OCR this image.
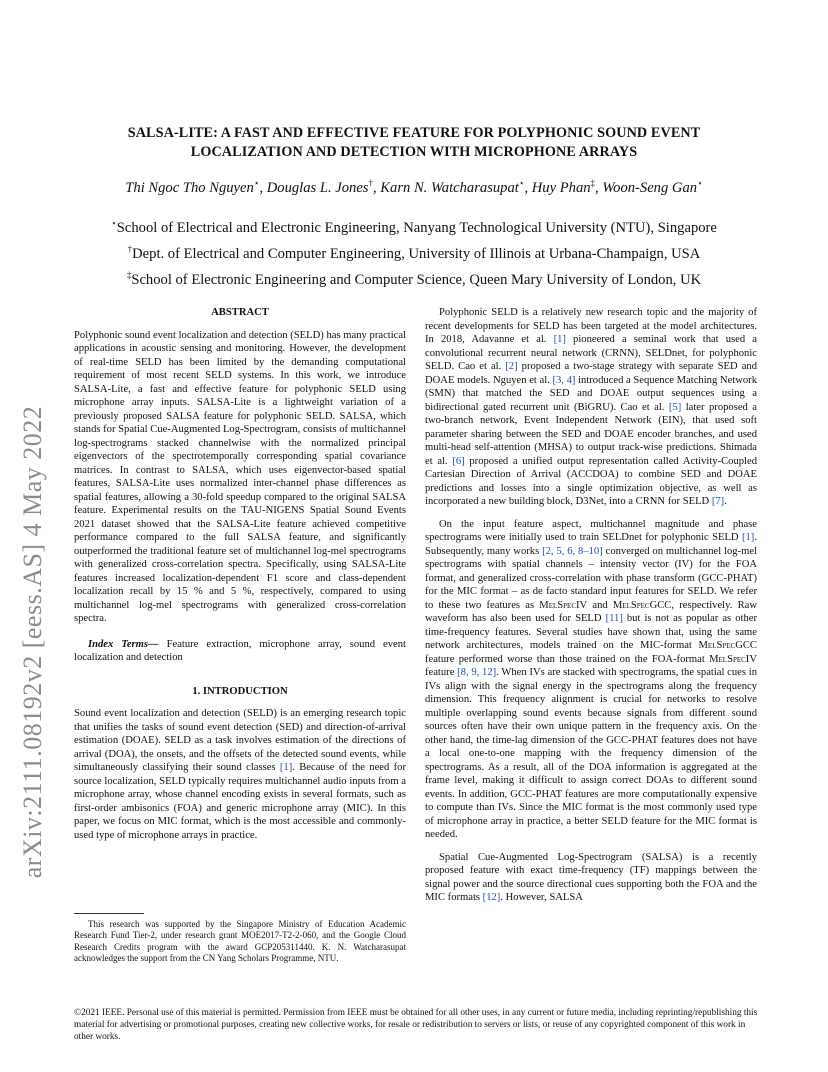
arXiv:2111.08192v2 [eess.AS] 4 May 2022
SALSA-LITE: A FAST AND EFFECTIVE FEATURE FOR POLYPHONIC SOUND EVENT
LOCALIZATION AND DETECTION WITH MICROPHONE ARRAYS
Thi Ngoc Tho Nguyen⋆, Douglas L. Jones†, Karn N. Watcharasupat⋆, Huy Phan‡, Woon-Seng Gan⋆
⋆School of Electrical and Electronic Engineering, Nanyang Technological University (NTU), Singapore
†Dept. of Electrical and Computer Engineering, University of Illinois at Urbana-Champaign, USA
‡School of Electronic Engineering and Computer Science, Queen Mary University of London, UK
ABSTRACT

Polyphonic sound event localization and detection (SELD) has many practical applications in acoustic sensing and monitoring. However, the development of real-time SELD has been limited by the demanding computational requirement of most recent SELD systems. In this work, we introduce SALSA-Lite, a fast and effective feature for polyphonic SELD using microphone array inputs. SALSA-Lite is a lightweight variation of a previously proposed SALSA feature for polyphonic SELD. SALSA, which stands for Spatial Cue-Augmented Log-Spectrogram, consists of multichannel log-spectrograms stacked channelwise with the normalized principal eigenvectors of the spectrotemporally corresponding spatial covariance matrices. In contrast to SALSA, which uses eigenvector-based spatial features, SALSA-Lite uses normalized inter-channel phase differences as spatial features, allowing a 30-fold speedup compared to the original SALSA feature. Experimental results on the TAU-NIGENS Spatial Sound Events 2021 dataset showed that the SALSA-Lite feature achieved competitive performance compared to the full SALSA feature, and significantly outperformed the traditional feature set of multichannel log-mel spectrograms with generalized cross-correlation spectra. Specifically, using SALSA-Lite features increased localization-dependent F1 score and class-dependent localization recall by 15 % and 5 %, respectively, compared to using multichannel log-mel spectrograms with generalized cross-correlation spectra.

Index Terms— Feature extraction, microphone array, sound event localization and detection

1. INTRODUCTION

Sound event localization and detection (SELD) is an emerging research topic that unifies the tasks of sound event detection (SED) and direction-of-arrival estimation (DOAE). SELD as a task involves estimation of the directions of arrival (DOA), the onsets, and the offsets of the detected sound events, while simultaneously classifying their sound classes [1]. Because of the need for source localization, SELD typically requires multichannel audio inputs from a microphone array, whose channel encoding exists in several formats, such as first-order ambisonics (FOA) and generic microphone array (MIC). In this paper, we focus on MIC format, which is the most accessible and commonly-used type of microphone arrays in practice.

This research was supported by the Singapore Ministry of Education Academic Research Fund Tier-2, under research grant MOE2017-T2-2-060, and the Google Cloud Research Credits program with the award GCP205311440. K. N. Watcharasupat acknowledges the support from the CN Yang Scholars Programme, NTU.

Polyphonic SELD is a relatively new research topic and the majority of recent developments for SELD has been targeted at the model architectures. In 2018, Adavanne et al. [1] pioneered a seminal work that used a convolutional recurrent neural network (CRNN), SELDnet, for polyphonic SELD. Cao et al. [2] proposed a two-stage strategy with separate SED and DOAE models. Nguyen et al. [3, 4] introduced a Sequence Matching Network (SMN) that matched the SED and DOAE output sequences using a bidirectional gated recurrent unit (BiGRU). Cao et al. [5] later proposed a two-branch network, Event Independent Network (EIN), that used soft parameter sharing between the SED and DOAE encoder branches, and used multi-head self-attention (MHSA) to output track-wise predictions. Shimada et al. [6] proposed a unified output representation called Activity-Coupled Cartesian Direction of Arrival (ACCDOA) to combine SED and DOAE predictions and losses into a single optimization objective, as well as incorporated a new building block, D3Net, into a CRNN for SELD [7].

On the input feature aspect, multichannel magnitude and phase spectrograms were initially used to train SELDnet for polyphonic SELD [1]. Subsequently, many works [2, 5, 6, 8–10] converged on multichannel log-mel spectrograms with spatial channels – intensity vector (IV) for the FOA format, and generalized cross-correlation with phase transform (GCC-PHAT) for the MIC format – as de facto standard input features for SELD. We refer to these two features as MelSpecIV and MelSpecGCC, respectively. Raw waveform has also been used for SELD [11] but is not as popular as other time-frequency features. Several studies have shown that, using the same network architectures, models trained on the MIC-format MelSpecGCC feature performed worse than those trained on the FOA-format MelSpecIV feature [8, 9, 12]. When IVs are stacked with spectrograms, the spatial cues in IVs align with the signal energy in the spectrograms along the frequency dimension. This frequency alignment is crucial for networks to resolve multiple overlapping sound events because signals from different sound sources often have their own unique pattern in the frequency axis. On the other hand, the time-lag dimension of the GCC-PHAT features does not have a local one-to-one mapping with the frequency dimension of the spectrograms. As a result, all of the DOA information is aggregated at the frame level, making it difficult to assign correct DOAs to different sound events. In addition, GCC-PHAT features are more computationally expensive to compute than IVs. Since the MIC format is the most commonly used type of microphone array in practice, a better SELD feature for the MIC format is needed.

Spatial Cue-Augmented Log-Spectrogram (SALSA) is a recently proposed feature with exact time-frequency (TF) mappings between the signal power and the source directional cues supporting both the FOA and the MIC formats [12]. However, SALSA

©2021 IEEE. Personal use of this material is permitted. Permission from IEEE must be obtained for all other uses, in any current or future media, including reprinting/republishing this material for advertising or promotional purposes, creating new collective works, for resale or redistribution to servers or lists, or reuse of any copyrighted component of this work in other works.
